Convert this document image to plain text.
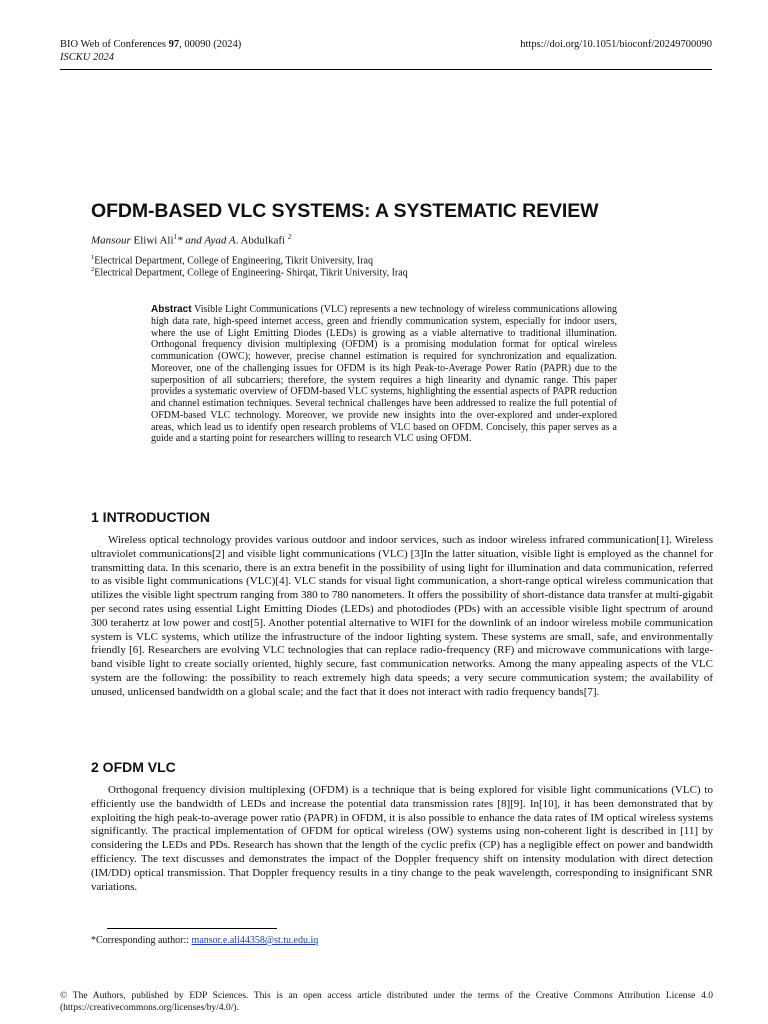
BIO Web of Conferences 97, 00090 (2024)
ISCKU 2024
https://doi.org/10.1051/bioconf/20249700090
OFDM-BASED VLC SYSTEMS: A SYSTEMATIC REVIEW
Mansour Eliwi Ali$^1$* and Ayad A. Abdulkafi $^2$
$^1$Electrical Department, College of Engineering, Tikrit University, Iraq
$^2$Electrical Department, College of Engineering- Shirqat, Tikrit University, Iraq
Abstract Visible Light Communications (VLC) represents a new technology of wireless communications allowing high data rate, high-speed internet access, green and friendly communication system, especially for indoor users, where the use of Light Emitting Diodes (LEDs) is growing as a viable alternative to traditional illumination. Orthogonal frequency division multiplexing (OFDM) is a promising modulation format for optical wireless communication (OWC); however, precise channel estimation is required for synchronization and equalization. Moreover, one of the challenging issues for OFDM is its high Peak-to-Average Power Ratio (PAPR) due to the superposition of all subcarriers; therefore, the system requires a high linearity and dynamic range. This paper provides a systematic overview of OFDM-based VLC systems, highlighting the essential aspects of PAPR reduction and channel estimation techniques. Several technical challenges have been addressed to realize the full potential of OFDM-based VLC technology. Moreover, we provide new insights into the over-explored and under-explored areas, which lead us to identify open research problems of VLC based on OFDM. Concisely, this paper serves as a guide and a starting point for researchers willing to research VLC using OFDM.
1 INTRODUCTION

Wireless optical technology provides various outdoor and indoor services, such as indoor wireless infrared communication[1]. Wireless ultraviolet communications[2] and visible light communications (VLC) [3]In the latter situation, visible light is employed as the channel for transmitting data. In this scenario, there is an extra benefit in the possibility of using light for illumination and data communication, referred to as visible light communications (VLC)[4]. VLC stands for visual light communication, a short-range optical wireless communication that utilizes the visible light spectrum ranging from 380 to 780 nanometers. It offers the possibility of short-distance data transfer at multi-gigabit per second rates using essential Light Emitting Diodes (LEDs) and photodiodes (PDs) with an accessible visible light spectrum of around 300 terahertz at low power and cost[5]. Another potential alternative to WIFI for the downlink of an indoor wireless mobile communication system is VLC systems, which utilize the infrastructure of the indoor lighting system. These systems are small, safe, and environmentally friendly [6]. Researchers are evolving VLC technologies that can replace radio-frequency (RF) and microwave communications with large-band visible light to create socially oriented, highly secure, fast communication networks. Among the many appealing aspects of the VLC system are the following: the possibility to reach extremely high data speeds; a very secure communication system; the availability of unused, unlicensed bandwidth on a global scale; and the fact that it does not interact with radio frequency bands[7].

2 OFDM VLC

Orthogonal frequency division multiplexing (OFDM) is a technique that is being explored for visible light communications (VLC) to efficiently use the bandwidth of LEDs and increase the potential data transmission rates [8][9]. In[10], it has been demonstrated that by exploiting the high peak-to-average power ratio (PAPR) in OFDM, it is also possible to enhance the data rates of IM optical wireless systems significantly. The practical implementation of OFDM for optical wireless (OW) systems using non-coherent light is described in [11] by considering the LEDs and PDs. Research has shown that the length of the cyclic prefix (CP) has a negligible effect on power and bandwidth efficiency. The text discusses and demonstrates the impact of the Doppler frequency shift on intensity modulation with direct detection (IM/DD) optical transmission. That Doppler frequency results in a tiny change to the peak wavelength, corresponding to insignificant SNR variations.

*Corresponding author:: mansor.e.ali44358@st.tu.edu.iq
© The Authors, published by EDP Sciences. This is an open access article distributed under the terms of the Creative Commons Attribution License 4.0 (https://creativecommons.org/licenses/by/4.0/).
